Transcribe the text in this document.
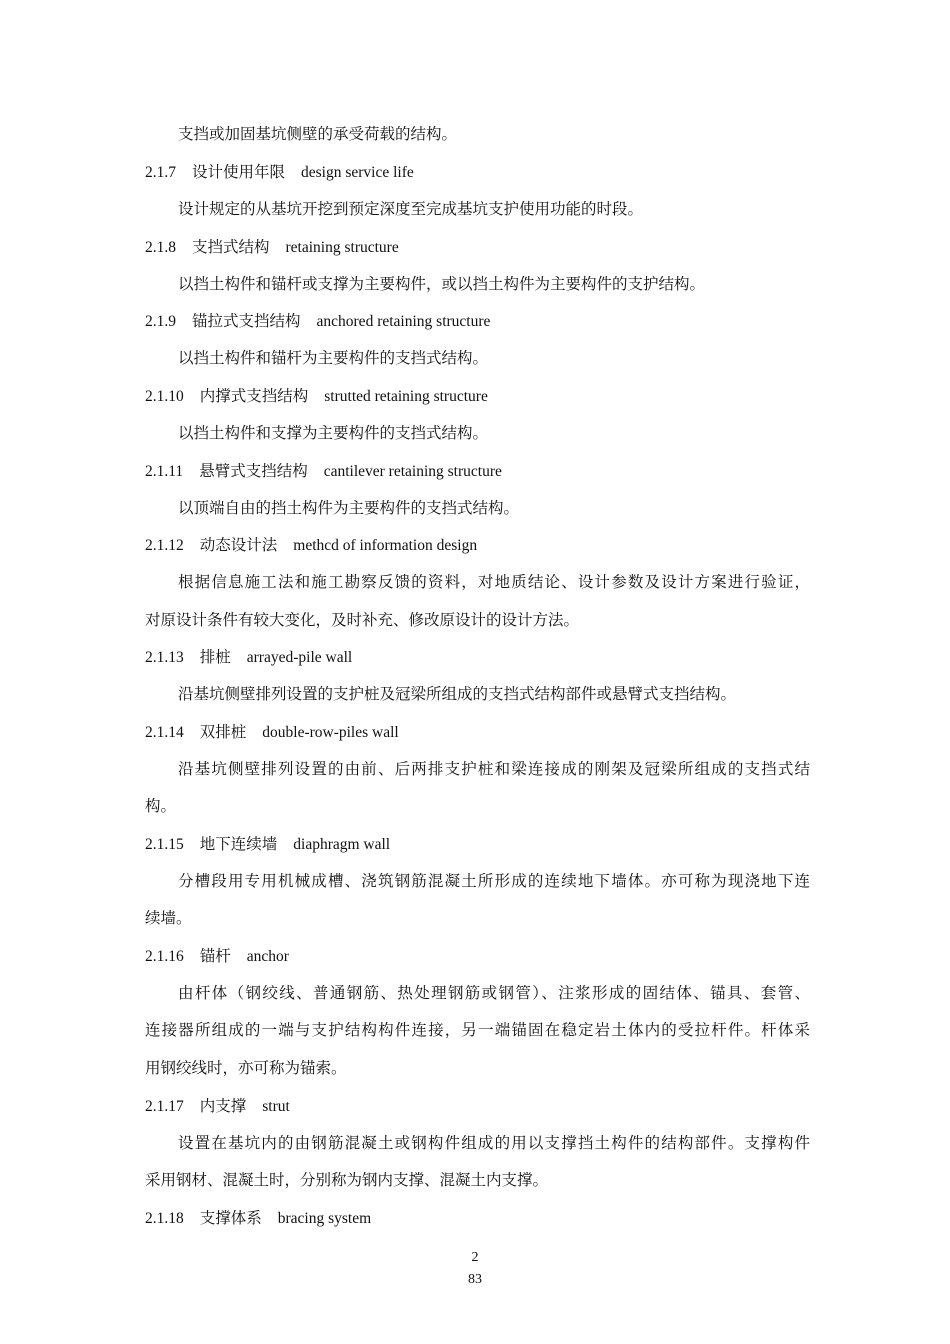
支挡或加固基坑侧壁的承受荷载的结构。
2.1.7 设计使用年限 design service life
设计规定的从基坑开挖到预定深度至完成基坑支护使用功能的时段。
2.1.8 支挡式结构 retaining structure
以挡土构件和锚杆或支撑为主要构件，或以挡土构件为主要构件的支护结构。
2.1.9 锚拉式支挡结构 anchored retaining structure
以挡土构件和锚杆为主要构件的支挡式结构。
2.1.10 内撑式支挡结构 strutted retaining structure
以挡土构件和支撑为主要构件的支挡式结构。
2.1.11 悬臂式支挡结构 cantilever retaining structure
以顶端自由的挡土构件为主要构件的支挡式结构。
2.1.12 动态设计法 methcd of information design
根据信息施工法和施工勘察反馈的资料，对地质结论、设计参数及设计方案进行验证，
对原设计条件有较大变化，及时补充、修改原设计的设计方法。
2.1.13 排桩 arrayed-pile wall
沿基坑侧壁排列设置的支护桩及冠梁所组成的支挡式结构部件或悬臂式支挡结构。
2.1.14 双排桩 double-row-piles wall
沿基坑侧壁排列设置的由前、后两排支护桩和梁连接成的刚架及冠梁所组成的支挡式结
构。
2.1.15 地下连续墙 diaphragm wall
分槽段用专用机械成槽、浇筑钢筋混凝土所形成的连续地下墙体。亦可称为现浇地下连
续墙。
2.1.16 锚杆 anchor
由杆体（钢绞线、普通钢筋、热处理钢筋或钢管）、注浆形成的固结体、锚具、套管、
连接器所组成的一端与支护结构构件连接，另一端锚固在稳定岩土体内的受拉杆件。杆体采
用钢绞线时，亦可称为锚索。
2.1.17 内支撑 strut
设置在基坑内的由钢筋混凝土或钢构件组成的用以支撑挡土构件的结构部件。支撑构件
采用钢材、混凝土时，分别称为钢内支撑、混凝土内支撑。
2.1.18 支撑体系 bracing system
2
83
